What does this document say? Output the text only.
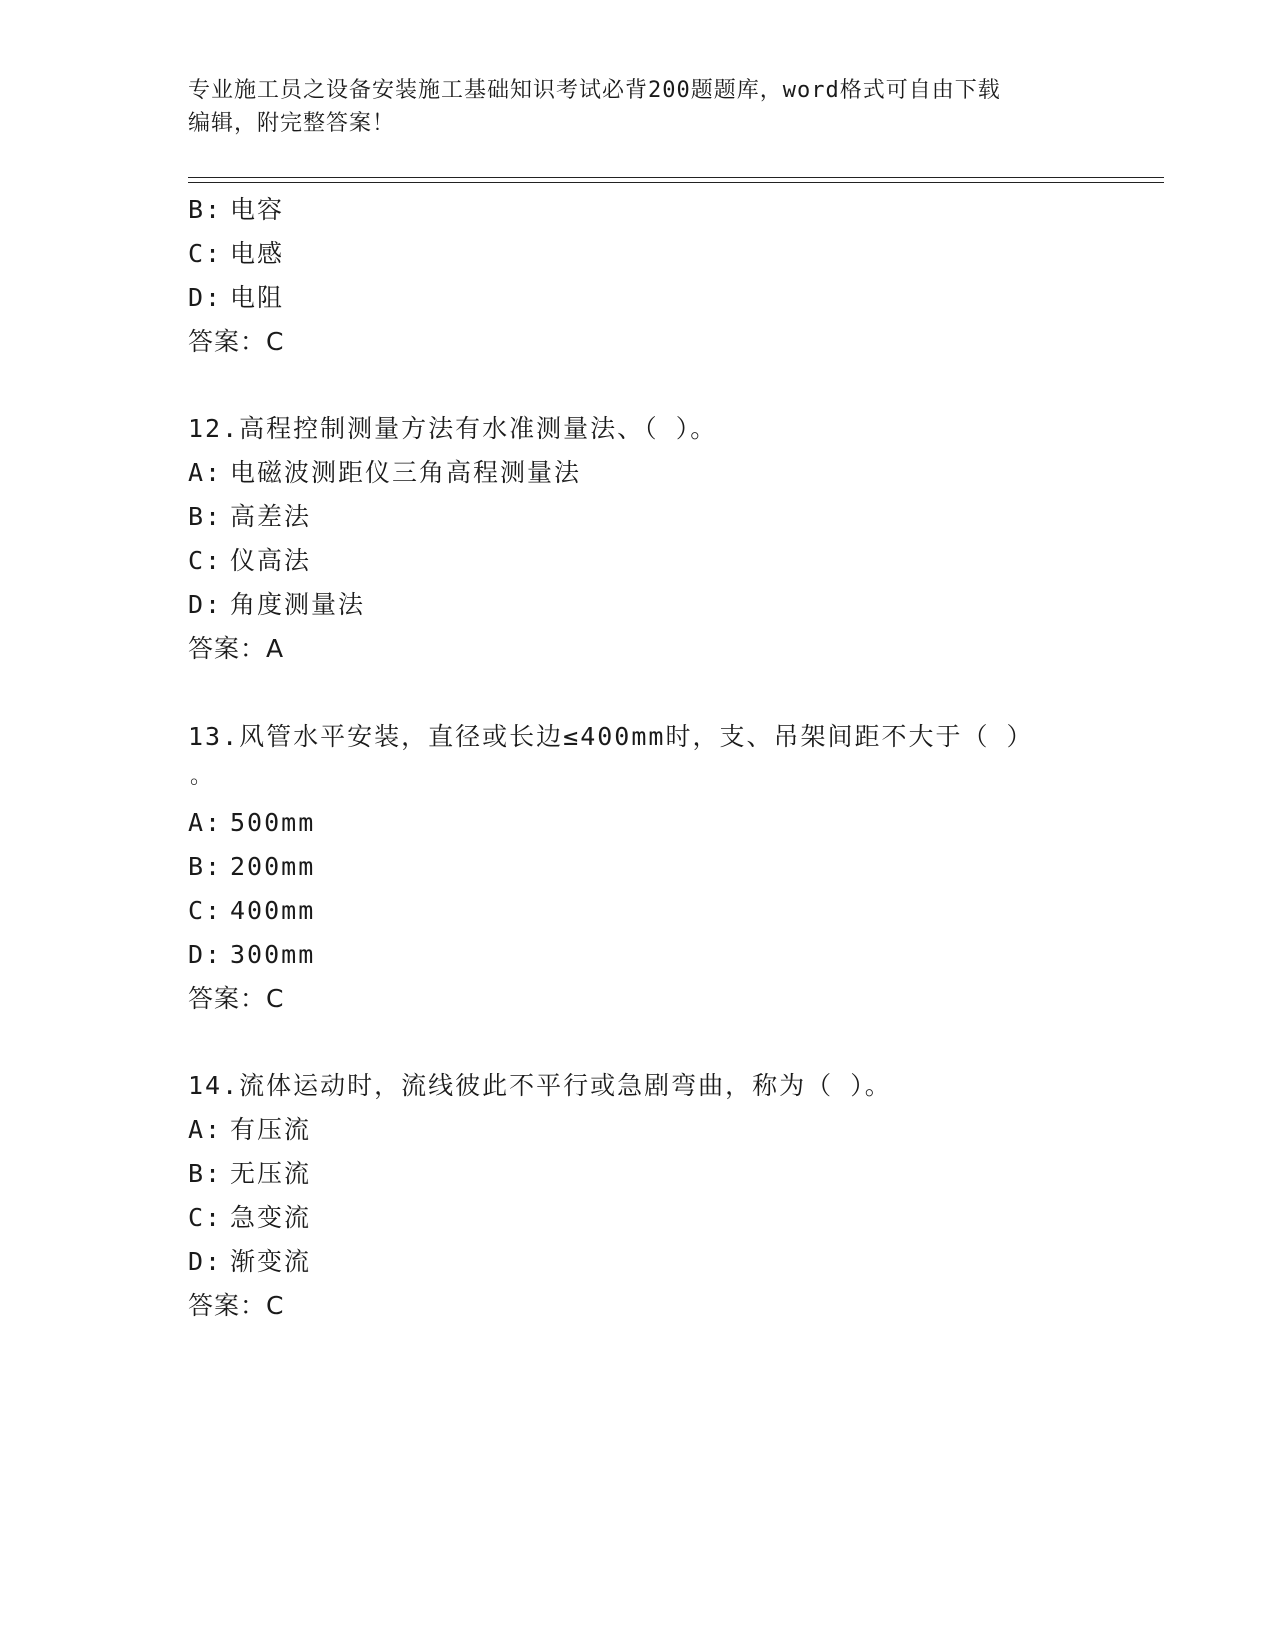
专业施工员之设备安装施工基础知识考试必背200题题库，word格式可自由下载
编辑，附完整答案！
B: 电容
C: 电感
D: 电阻
答案：C
12.高程控制测量方法有水准测量法、（ ）。
A: 电磁波测距仪三角高程测量法
B: 高差法
C: 仪高法
D: 角度测量法
答案：A
13.风管水平安装，直径或长边≤400mm时，支、吊架间距不大于（ ）
。
A: 500mm
B: 200mm
C: 400mm
D: 300mm
答案：C
14.流体运动时，流线彼此不平行或急剧弯曲，称为（ ）。
A: 有压流
B: 无压流
C: 急变流
D: 渐变流
答案：C
